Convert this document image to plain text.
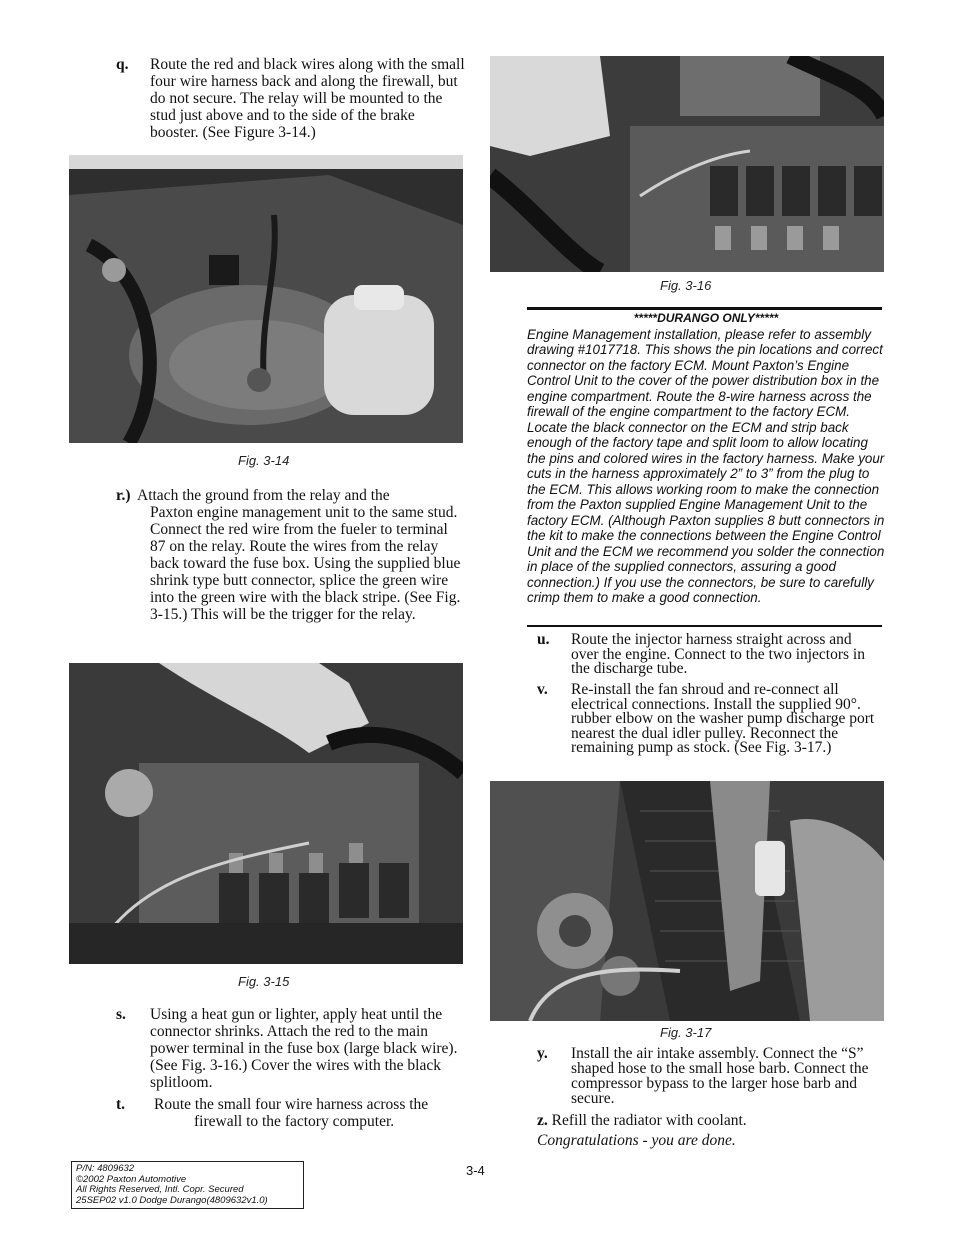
q. Route the red and black wires along with the small four wire harness back and along the firewall, but do not secure. The relay will be mounted to the stud just above and to the side of the brake booster. (See Figure 3-14.)
Fig. 3-14
r.) Attach the ground from the relay and the
Paxton engine management unit to the same stud. Connect the red wire from the fueler to terminal 87 on the relay. Route the wires from the relay back toward the fuse box. Using the supplied blue shrink type butt connector, splice the green wire into the green wire with the black stripe. (See Fig. 3-15.) This will be the trigger for the relay.
Fig. 3-15
s. Using a heat gun or lighter, apply heat until the connector shrinks. Attach the red to the main power terminal in the fuse box (large black wire). (See Fig. 3-16.) Cover the wires with the black splitloom.
t. Route the small four wire harness across the
firewall to the factory computer.
Fig. 3-16
*****DURANGO ONLY*****
Engine Management installation, please refer to assembly drawing #1017718. This shows the pin locations and correct connector on the factory ECM. Mount Paxton’s Engine Control Unit to the cover of the power distribution box in the engine compartment. Route the 8-wire harness across the firewall of the engine compartment to the factory ECM. Locate the black connector on the ECM and strip back enough of the factory tape and split loom to allow locating the pins and colored wires in the factory harness. Make your cuts in the harness approximately 2” to 3” from the plug to the ECM. This allows working room to make the connection from the Paxton supplied Engine Management Unit to the factory ECM. (Although Paxton supplies 8 butt connectors in the kit to make the connections between the Engine Control Unit and the ECM we recommend you solder the connection in place of the supplied connectors, assuring a good connection.) If you use the connectors, be sure to carefully crimp them to make a good connection.
u. Route the injector harness straight across and over the engine. Connect to the two injectors in the discharge tube.
v. Re-install the fan shroud and re-connect all electrical connections. Install the supplied 90°. rubber elbow on the washer pump discharge port nearest the dual idler pulley. Reconnect the remaining pump as stock. (See Fig. 3-17.)
Fig. 3-17
y. Install the air intake assembly. Connect the “S” shaped hose to the small hose barb. Connect the compressor bypass to the larger hose barb and secure.
z. Refill the radiator with coolant.
Congratulations - you are done.
P/N: 4809632
©2002 Paxton Automotive
All Rights Reserved, Intl. Copr. Secured
25SEP02 v1.0 Dodge Durango(4809632v1.0)
3-4
